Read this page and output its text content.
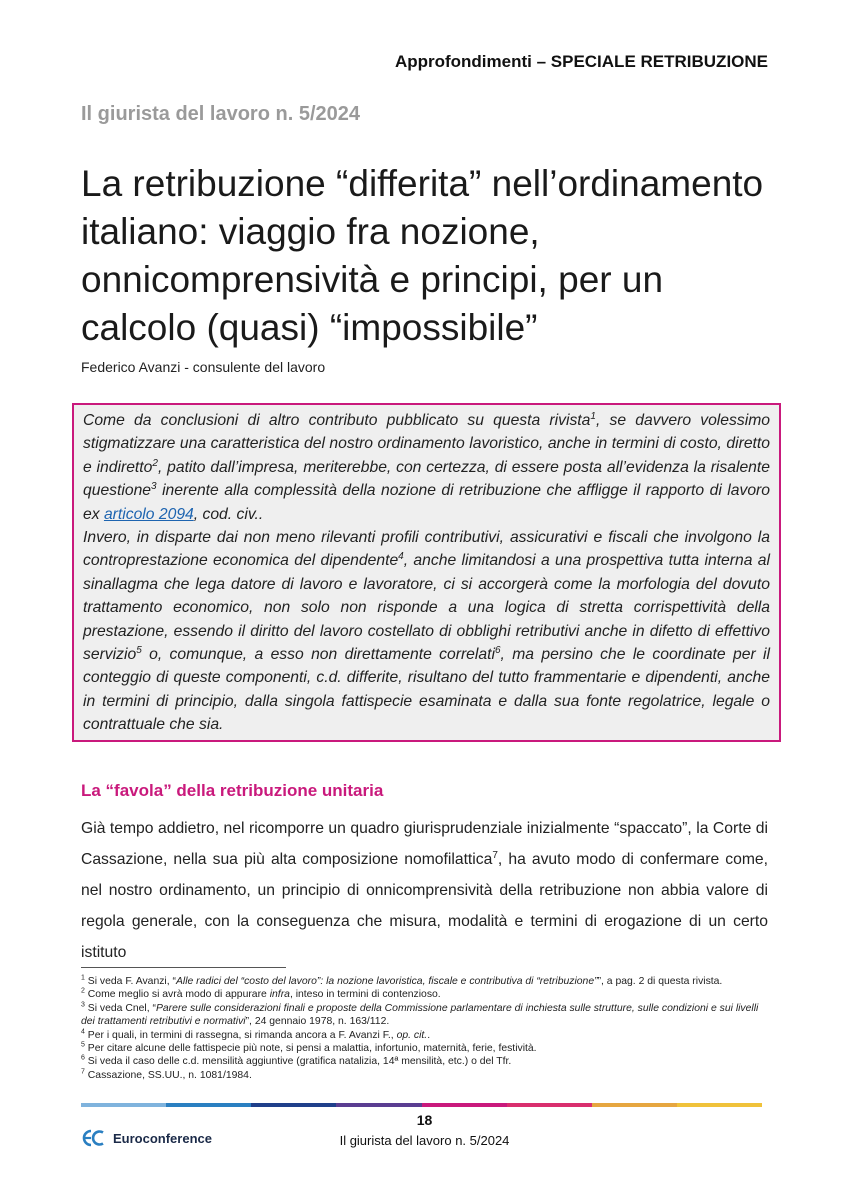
Approfondimenti – SPECIALE RETRIBUZIONE
Il giurista del lavoro n. 5/2024
La retribuzione “differita” nell’ordinamento italiano: viaggio fra nozione, onnicomprensività e principi, per un calcolo (quasi) “impossibile”
Federico Avanzi - consulente del lavoro

Come da conclusioni di altro contributo pubblicato su questa rivista$^1$, se davvero volessimo stigmatizzare una caratteristica del nostro ordinamento lavoristico, anche in termini di costo, diretto e indiretto$^2$, patito dall’impresa, meriterebbe, con certezza, di essere posta all’evidenza la risalente questione$^3$ inerente alla complessità della nozione di retribuzione che affligge il rapporto di lavoro ex articolo 2094, cod. civ..

Invero, in disparte dai non meno rilevanti profili contributivi, assicurativi e fiscali che involgono la controprestazione economica del dipendente$^4$, anche limitandosi a una prospettiva tutta interna al sinallagma che lega datore di lavoro e lavoratore, ci si accorgerà come la morfologia del dovuto trattamento economico, non solo non risponde a una logica di stretta corrispettività della prestazione, essendo il diritto del lavoro costellato di obblighi retributivi anche in difetto di effettivo servizio$^5$ o, comunque, a esso non direttamente correlati$^6$, ma persino che le coordinate per il conteggio di queste componenti, c.d. differite, risultano del tutto frammentarie e dipendenti, anche in termini di principio, dalla singola fattispecie esaminata e dalla sua fonte regolatrice, legale o contrattuale che sia.

La “favola” della retribuzione unitaria

Già tempo addietro, nel ricomporre un quadro giurisprudenziale inizialmente “spaccato”, la Corte di Cassazione, nella sua più alta composizione nomofilattica$^7$, ha avuto modo di confermare come, nel nostro ordinamento, un principio di onnicomprensività della retribuzione non abbia valore di regola generale, con la conseguenza che misura, modalità e termini di erogazione di un certo istituto

$^1$ Si veda F. Avanzi, “Alle radici del “costo del lavoro”: la nozione lavoristica, fiscale e contributiva di “retribuzione””, a pag. 2 di questa rivista.
$^2$ Come meglio si avrà modo di appurare infra, inteso in termini di contenzioso.
$^3$ Si veda Cnel, “Parere sulle considerazioni finali e proposte della Commissione parlamentare di inchiesta sulle strutture, sulle condizioni e sui livelli dei trattamenti retributivi e normativi”, 24 gennaio 1978, n. 163/112.
$^4$ Per i quali, in termini di rassegna, si rimanda ancora a F. Avanzi F., op. cit..
$^5$ Per citare alcune delle fattispecie più note, si pensi a malattia, infortunio, maternità, ferie, festività.
$^6$ Si veda il caso delle c.d. mensilità aggiuntive (gratifica natalizia, 14ª mensilità, etc.) o del Tfr.
$^7$ Cassazione, SS.UU., n. 1081/1984.
Euroconference
18
Il giurista del lavoro n. 5/2024
